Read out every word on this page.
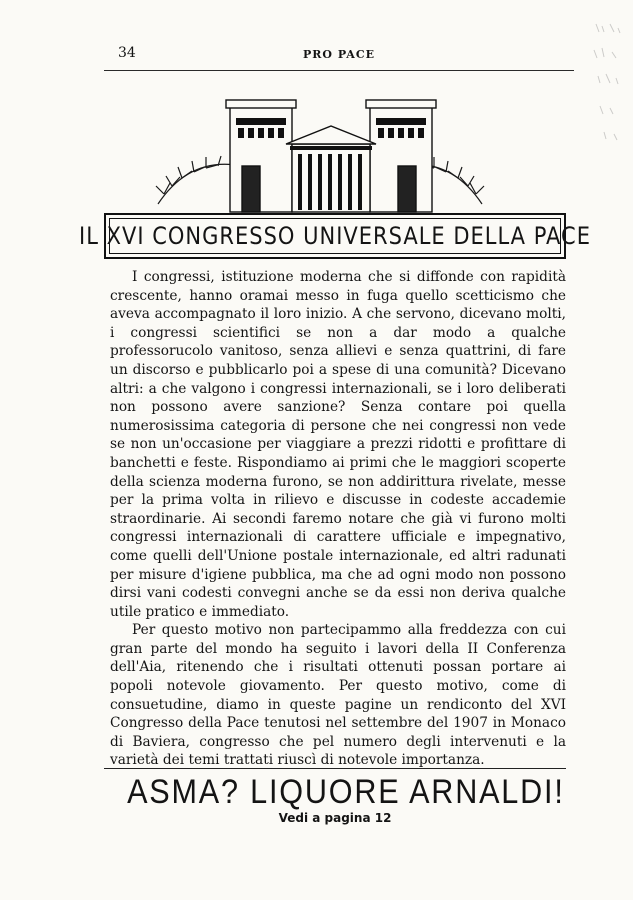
34	PRO PACE
IL XVI CONGRESSO UNIVERSALE DELLA PACE

I congressi, istituzione moderna che si diffonde con rapidità crescente, hanno oramai messo in fuga quello scetticismo che aveva accompagnato il loro inizio. A che servono, dicevano molti, i congressi scientifici se non a dar modo a qualche professorucolo vanitoso, senza allievi e senza quattrini, di fare un discorso e pubblicarlo poi a spese di una comunità? Dicevano altri: a che valgono i congressi internazionali, se i loro deliberati non possono avere sanzione? Senza contare poi quella numerosissima categoria di persone che nei congressi non vede se non un'occasione per viaggiare a prezzi ridotti e profittare di banchetti e feste. Rispondiamo ai primi che le maggiori scoperte della scienza moderna furono, se non addirittura rivelate, messe per la prima volta in rilievo e discusse in codeste accademie straordinarie. Ai secondi faremo notare che già vi furono molti congressi internazionali di carattere ufficiale e impegnativo, come quelli dell'Unione postale internazionale, ed altri radunati per misure d'igiene pubblica, ma che ad ogni modo non possono dirsi vani codesti convegni anche se da essi non deriva qualche utile pratico e immediato.

Per questo motivo non partecipammo alla freddezza con cui gran parte del mondo ha seguito i lavori della II Conferenza dell'Aia, ritenendo che i risultati ottenuti possan portare ai popoli notevole giovamento. Per questo motivo, come di consuetudine, diamo in queste pagine un rendiconto del XVI Congresso della Pace tenutosi nel settembre del 1907 in Monaco di Baviera, congresso che pel numero degli intervenuti e la varietà dei temi trattati riuscì di notevole importanza.

ASMA? LIQUORE ARNALDI!
Vedi a pagina 12
